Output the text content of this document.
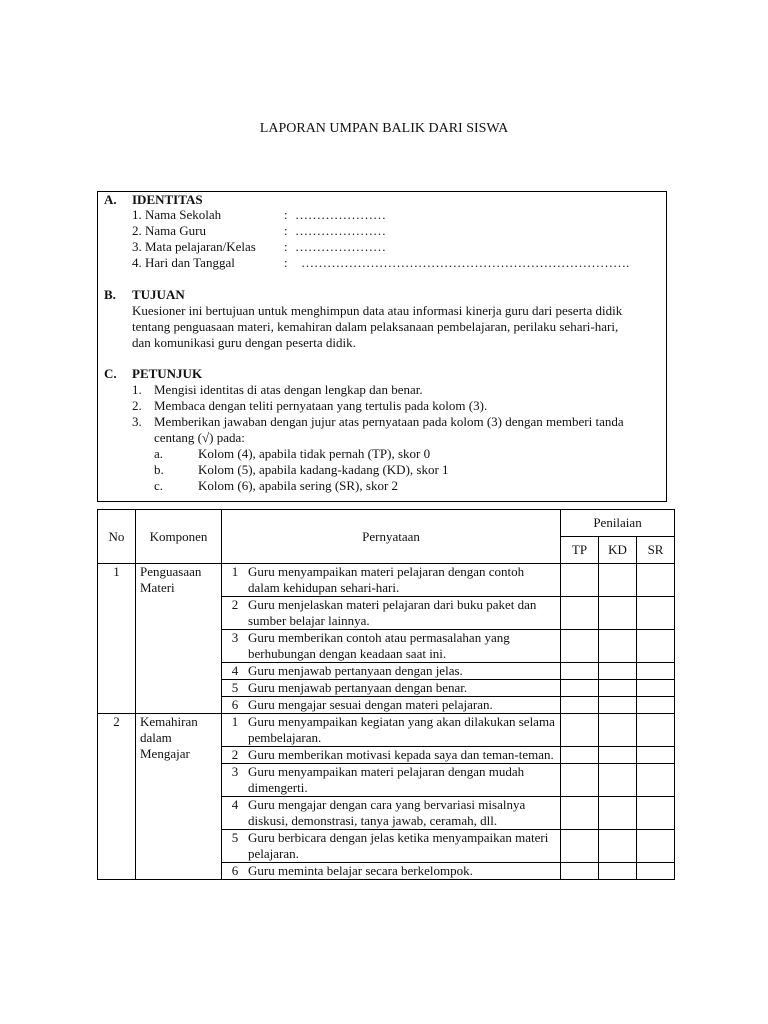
LAPORAN UMPAN BALIK DARI SISWA
A. IDENTITAS
1. Nama Sekolah	: …………………
2. Nama Guru	: …………………
3. Mata pelajaran/Kelas : …………………
4. Hari dan Tanggal	: ………………………………………………………………….
B. TUJUAN
Kuesioner ini bertujuan untuk menghimpun data atau informasi kinerja guru dari peserta didik
tentang penguasaan materi, kemahiran dalam pelaksanaan pembelajaran, perilaku sehari-hari,
dan komunikasi guru dengan peserta didik.
C. PETUNJUK
1. Mengisi identitas di atas dengan lengkap dan benar.
2. Membaca dengan teliti pernyataan yang tertulis pada kolom (3).
3. Memberikan jawaban dengan jujur atas pernyataan pada kolom (3) dengan memberi tanda
centang (√) pada:
a.	Kolom (4), apabila tidak pernah (TP), skor 0
b.	Kolom (5), apabila kadang-kadang (KD), skor 1
c.	Kolom (6), apabila sering (SR), skor 2
No	Komponen	Pernyataan	Penilaian		
			TP	KD	SR
1	Penguasaan Materi	1 Guru menyampaikan materi pelajaran dengan contoh dalam kehidupan sehari-hari.			

		2 Guru menjelaskan materi pelajaran dari buku paket dan sumber belajar lainnya.			

		3 Guru memberikan contoh atau permasalahan yang berhubungan dengan keadaan saat ini.			

		4 Guru menjawab pertanyaan dengan jelas.			

		5 Guru menjawab pertanyaan dengan benar.			

		6 Guru mengajar sesuai dengan materi pelajaran.			

2	Kemahiran dalam Mengajar	1 Guru menyampaikan kegiatan yang akan dilakukan selama pembelajaran.			

		2 Guru memberikan motivasi kepada saya dan teman-teman.			

		3 Guru menyampaikan materi pelajaran dengan mudah dimengerti.			

		4 Guru mengajar dengan cara yang bervariasi misalnya diskusi, demonstrasi, tanya jawab, ceramah, dll.			

		5 Guru berbicara dengan jelas ketika menyampaikan materi pelajaran.			

		6 Guru meminta belajar secara berkelompok.			
